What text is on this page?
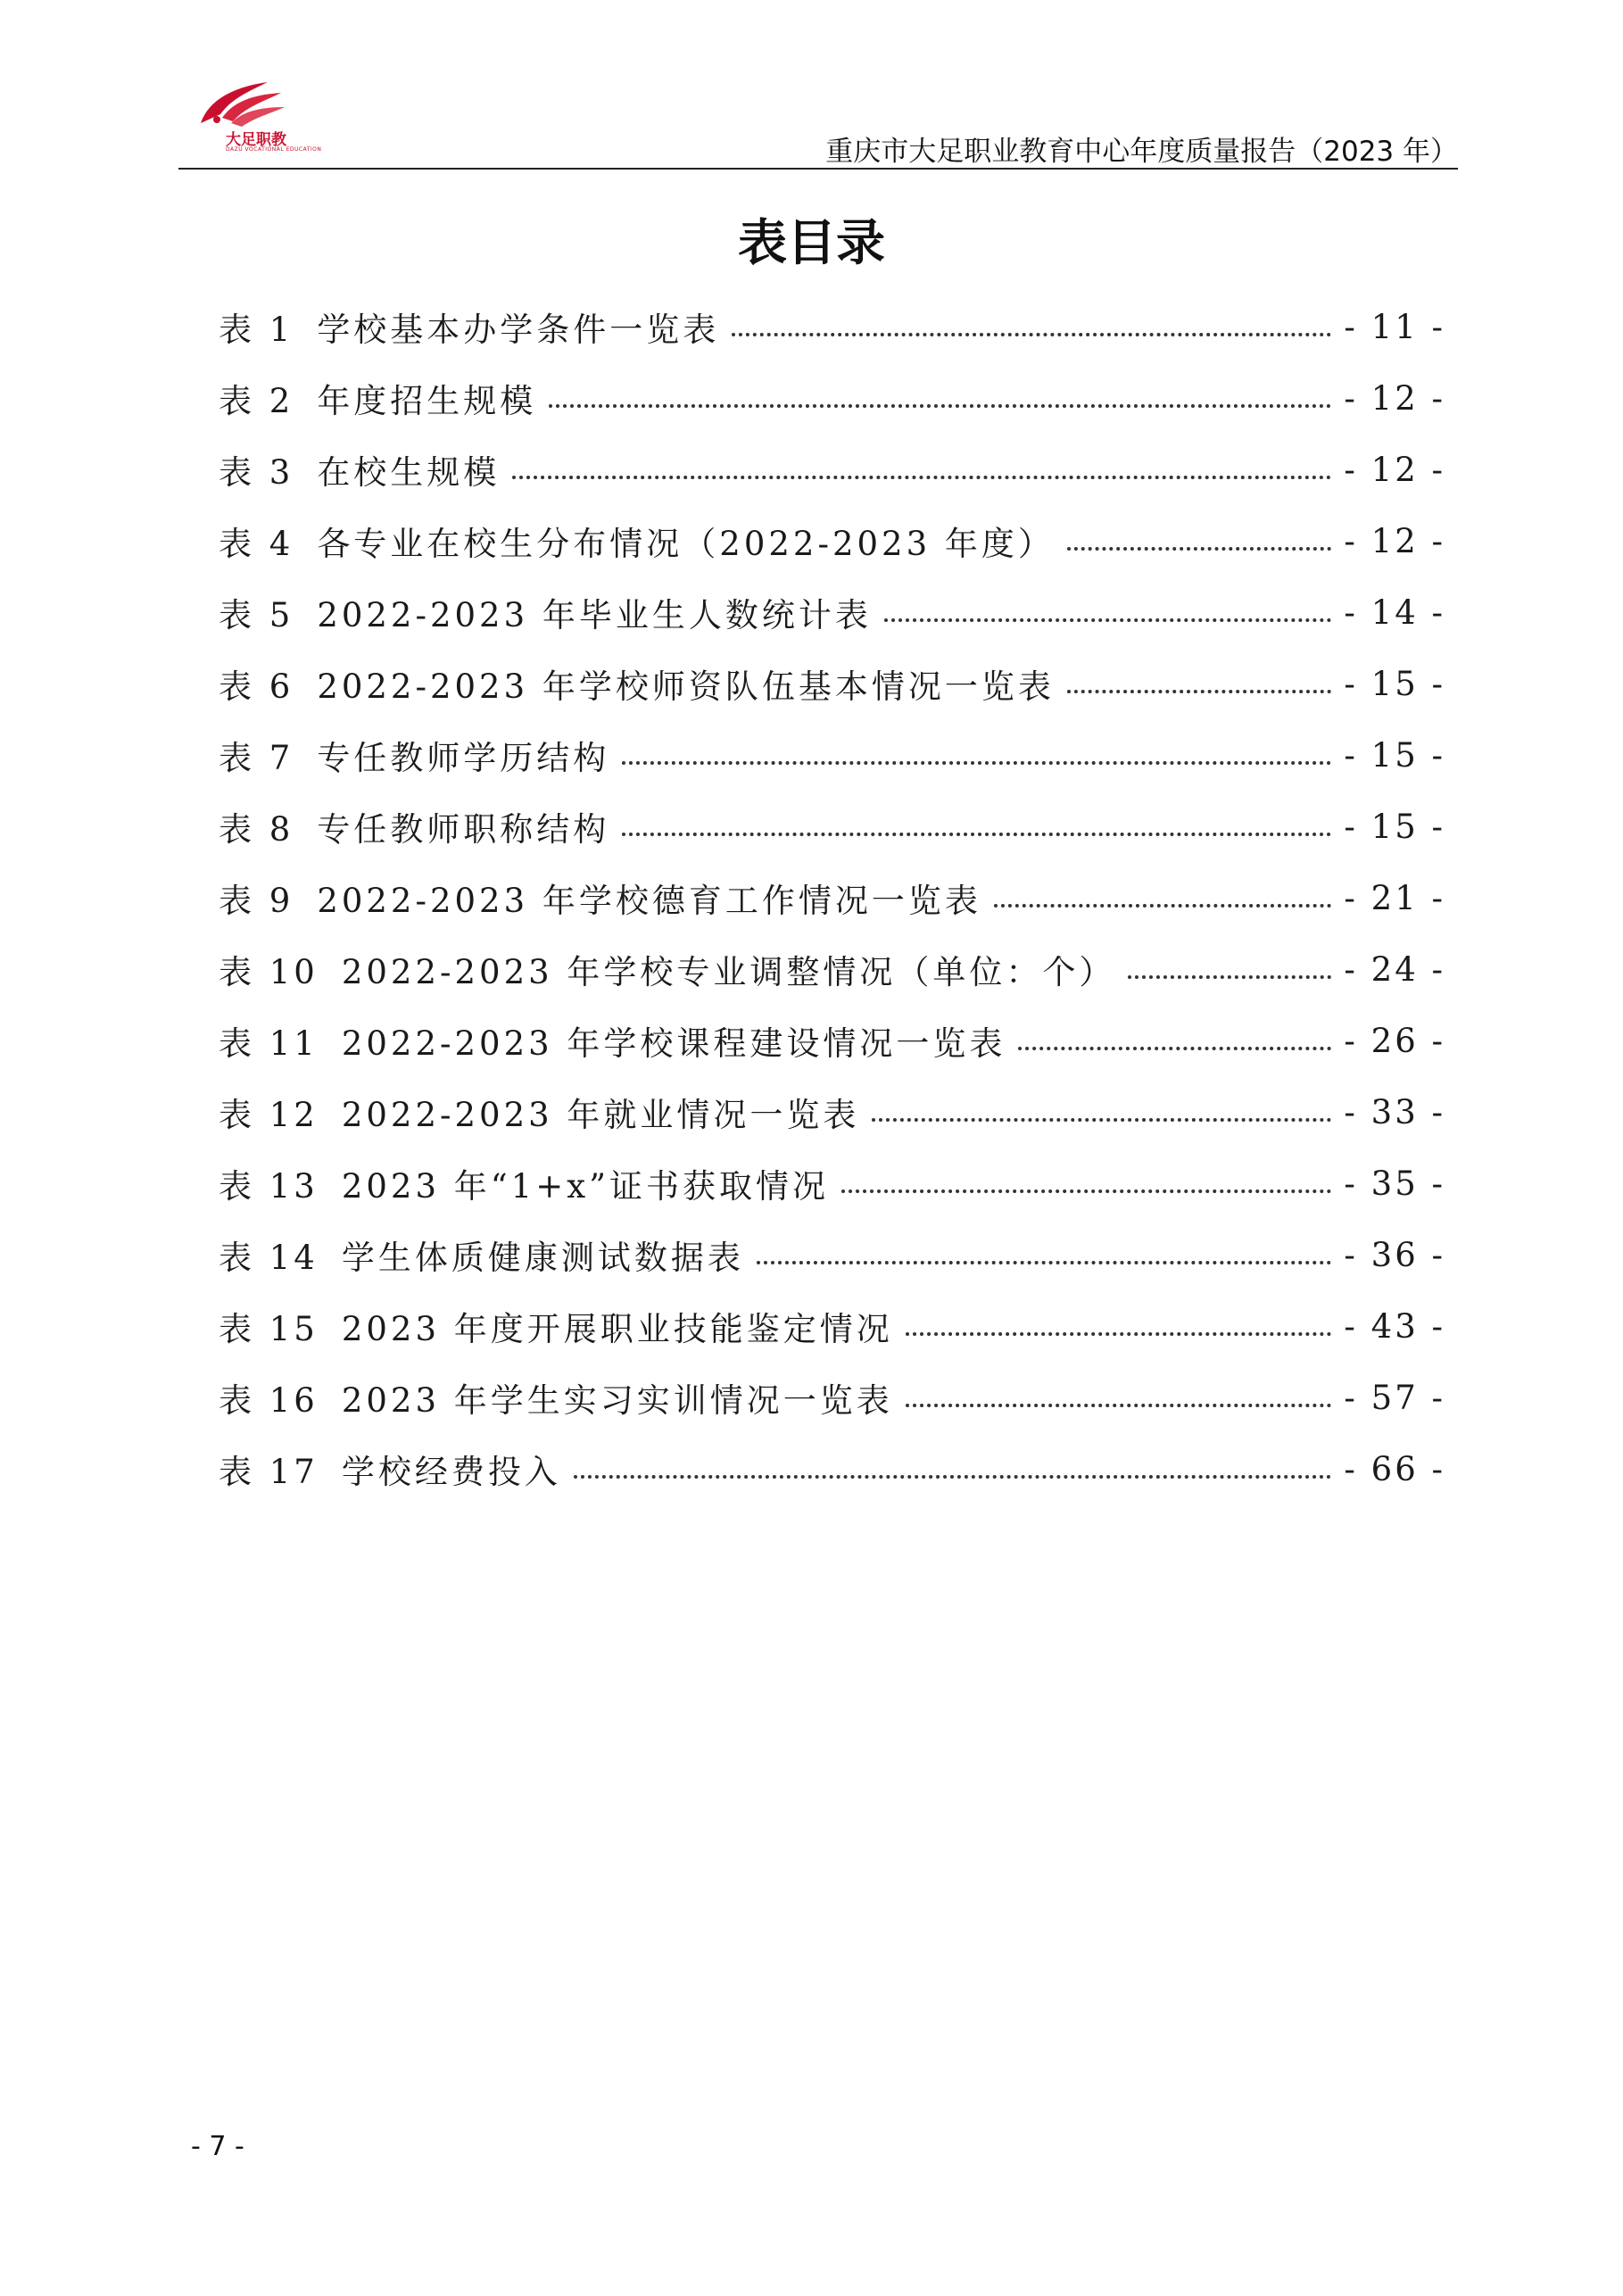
大足职教
DAZU VOCATIONAL EDUCATION	重庆市大足职业教育中心年度质量报告（2023 年）
表目录
表 1 学校基本办学条件一览表	- 11 -
表 2 年度招生规模	- 12 -
表 3 在校生规模	- 12 -
表 4 各专业在校生分布情况（2022-2023 年度）	- 12 -
表 5 2022-2023 年毕业生人数统计表	- 14 -
表 6 2022-2023 年学校师资队伍基本情况一览表	- 15 -
表 7 专任教师学历结构	- 15 -
表 8 专任教师职称结构	- 15 -
表 9 2022-2023 年学校德育工作情况一览表	- 21 -
表 10 2022-2023 年学校专业调整情况（单位：个）	- 24 -
表 11 2022-2023 年学校课程建设情况一览表	- 26 -
表 12 2022-2023 年就业情况一览表	- 33 -
表 13 2023 年“1+x”证书获取情况	- 35 -
表 14 学生体质健康测试数据表	- 36 -
表 15 2023 年度开展职业技能鉴定情况	- 43 -
表 16 2023 年学生实习实训情况一览表	- 57 -
表 17 学校经费投入	- 66 -
- 7 -
